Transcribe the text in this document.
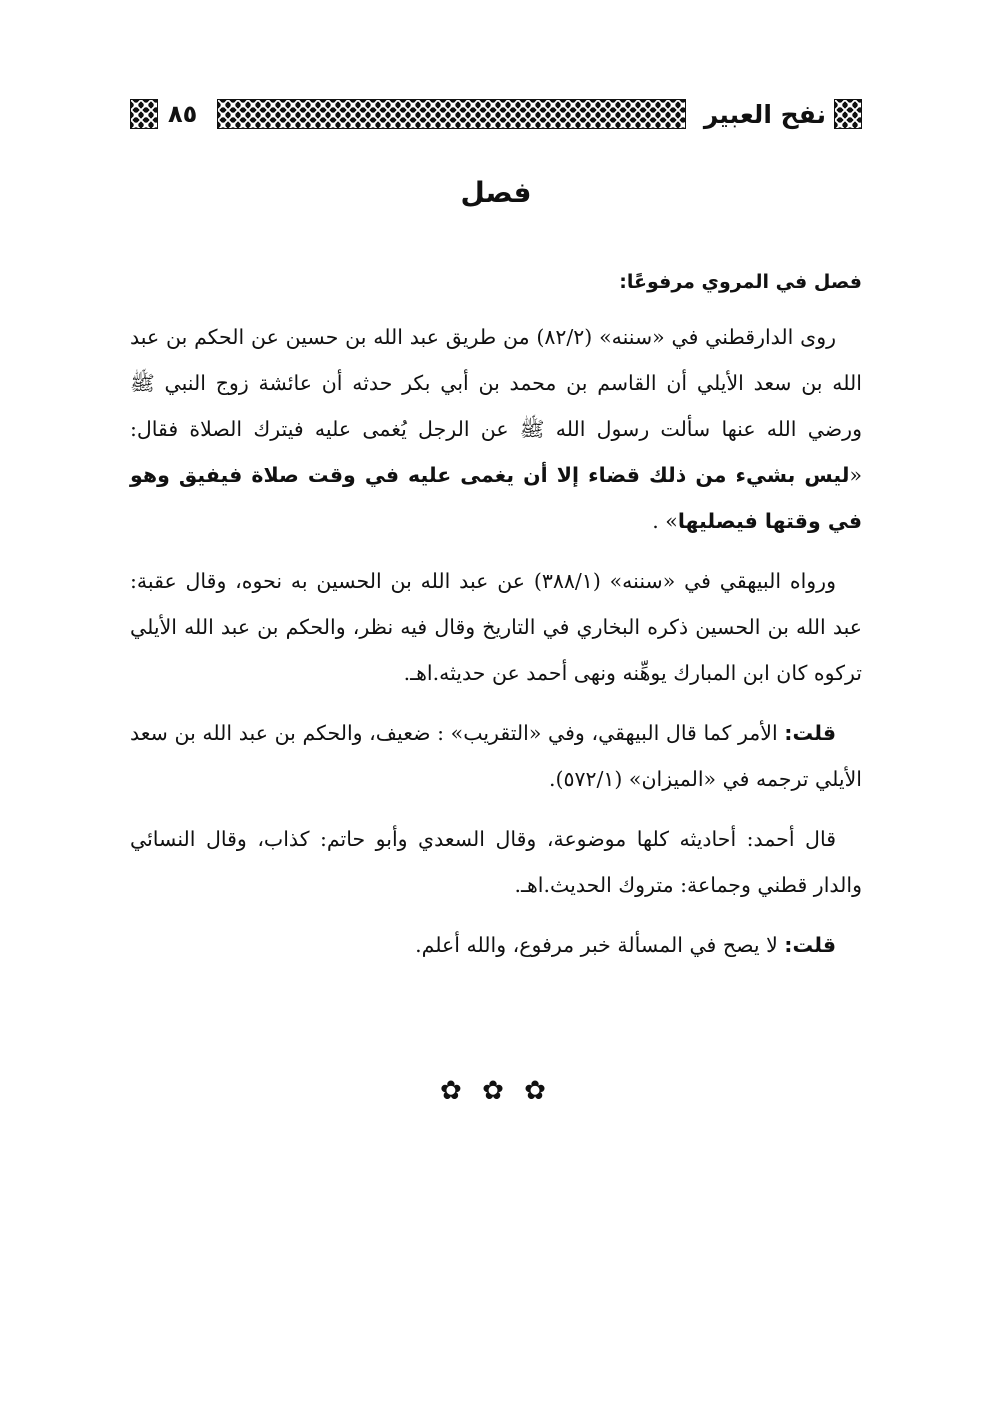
نفح العبير
٨٥
فصل
فصل في المروي مرفوعًا:

روى الدارقطني في «سننه» (٨٢/٢) من طريق عبد الله بن حسين عن الحكم بن عبد الله بن سعد الأيلي أن القاسم بن محمد بن أبي بكر حدثه أن عائشة زوج النبي ﷺ ورضي الله عنها سألت رسول الله ﷺ عن الرجل يُغمى عليه فيترك الصلاة فقال: «ليس بشيء من ذلك قضاء إلا أن يغمى عليه في وقت صلاة فيفيق وهو في وقتها فيصليها» .

ورواه البيهقي في «سننه» (٣٨٨/١) عن عبد الله بن الحسين به نحوه، وقال عقبة: عبد الله بن الحسين ذكره البخاري في التاريخ وقال فيه نظر، والحكم بن عبد الله الأيلي تركوه كان ابن المبارك يوهِّنه ونهى أحمد عن حديثه.اهـ.

قلت: الأمر كما قال البيهقي، وفي «التقريب» : ضعيف، والحكم بن عبد الله بن سعد الأيلي ترجمه في «الميزان» (٥٧٢/١).

قال أحمد: أحاديثه كلها موضوعة، وقال السعدي وأبو حاتم: كذاب، وقال النسائي والدار قطني وجماعة: متروك الحديث.اهـ.

قلت: لا يصح في المسألة خبر مرفوع، والله أعلم.

✿ ✿ ✿
